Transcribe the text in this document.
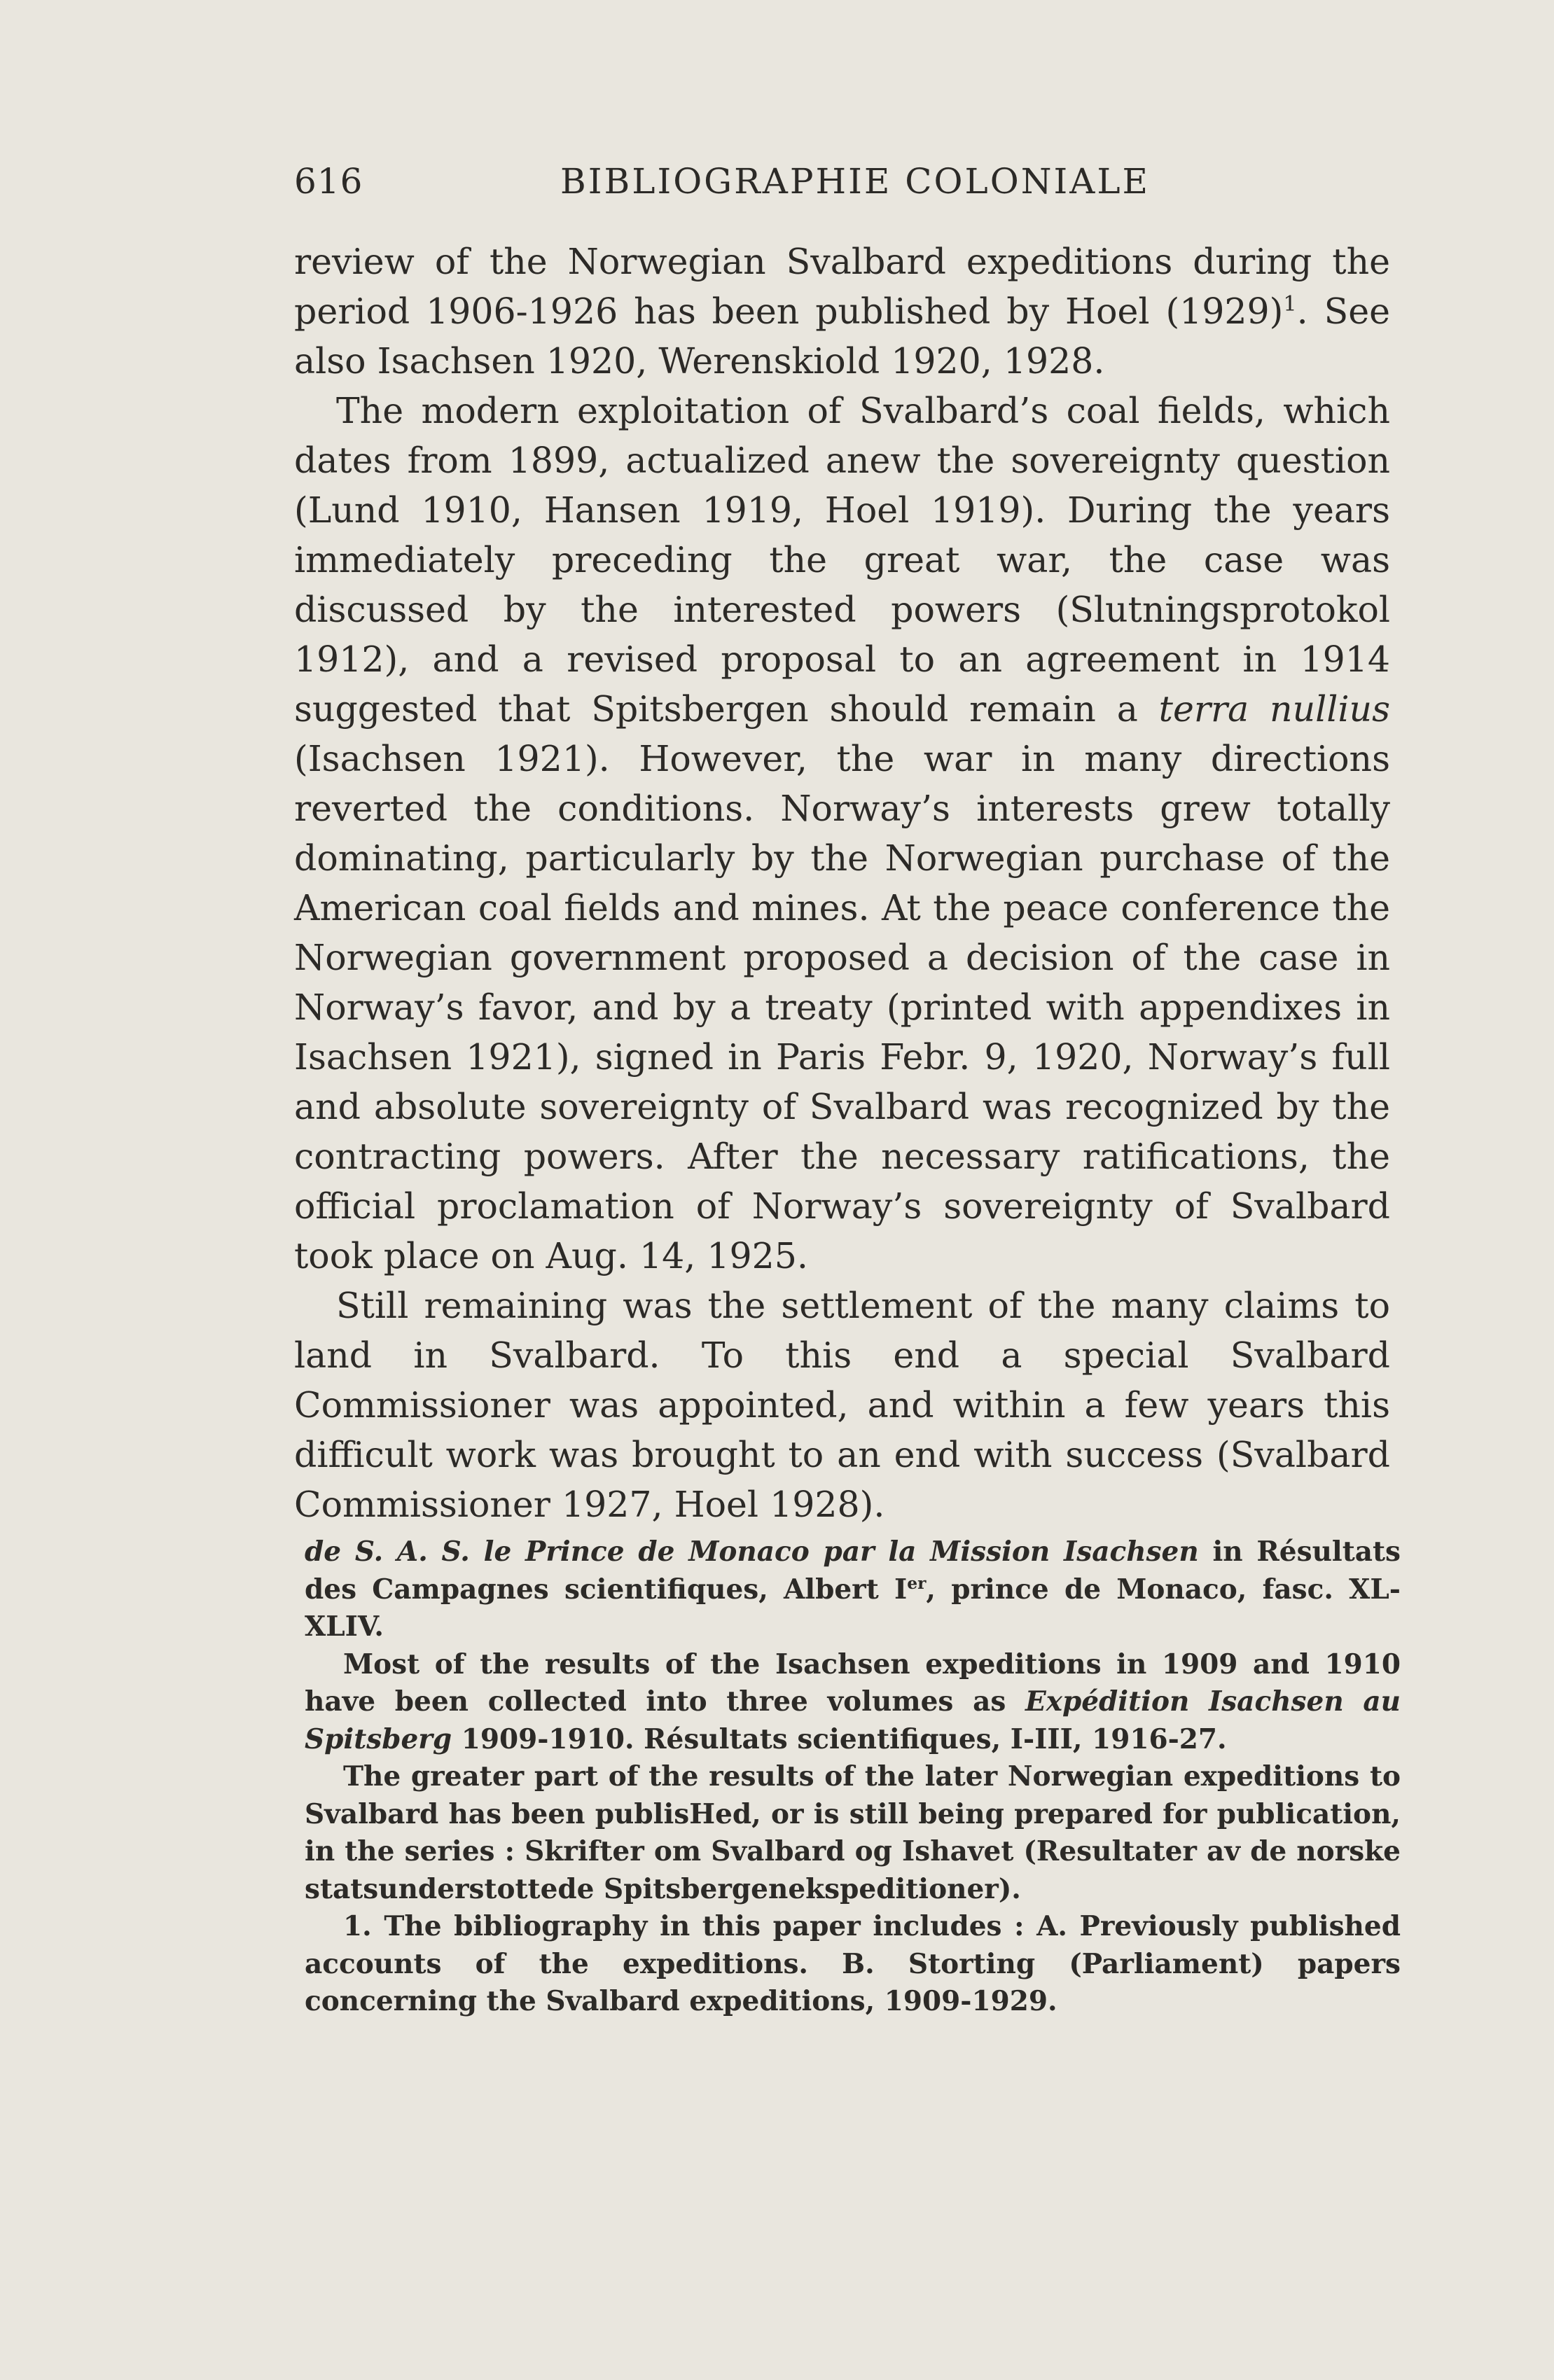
616	BIBLIOGRAPHIE COLONIALE

review of the Norwegian Svalbard expeditions during the period 1906-1926 has been published by Hoel $(1929)^1$. See also Isachsen 1920, Werenskiold 1920, 1928.

The modern exploitation of Svalbard’s coal fields, which dates from 1899, actualized anew the sovereignty question (Lund 1910, Hansen 1919, Hoel 1919). During the years immediately preceding the great war, the case was discussed by the interested powers (Slutningsprotokol 1912), and a revised proposal to an agreement in 1914 suggested that Spitsbergen should remain a terra nullius (Isachsen 1921). However, the war in many directions reverted the conditions. Norway’s interests grew totally dominating, particularly by the Norwegian purchase of the American coal fields and mines. At the peace conference the Norwegian government proposed a decision of the case in Norway’s favor, and by a treaty (printed with appendixes in Isachsen 1921), signed in Paris Febr. 9, 1920, Norway’s full and absolute sovereignty of Svalbard was recognized by the contracting powers. After the necessary ratifications, the official proclamation of Norway’s sovereignty of Svalbard took place on Aug. 14, 1925.

Still remaining was the settlement of the many claims to land in Svalbard. To this end a special Svalbard Commissioner was appointed, and within a few years this difficult work was brought to an end with success (Svalbard Commissioner 1927, Hoel 1928).

de S. A. S. le Prince de Monaco par la Mission Isachsen in Résultats des Campagnes scientifiques, Albert Ier, prince de Monaco, fasc. XL-XLIV.

Most of the results of the Isachsen expeditions in 1909 and 1910 have been collected into three volumes as Expédition Isachsen au Spitsberg 1909-1910. Résultats scientifiques, I-III, 1916-27.

The greater part of the results of the later Norwegian expeditions to Svalbard has been publisHed, or is still being prepared for publication, in the series : Skrifter om Svalbard og Ishavet (Resultater av de norske statsunderstottede Spitsbergenekspeditioner).

1. The bibliography in this paper includes : A. Previously published accounts of the expeditions. B. Storting (Parliament) papers concerning the Svalbard expeditions, 1909-1929.
